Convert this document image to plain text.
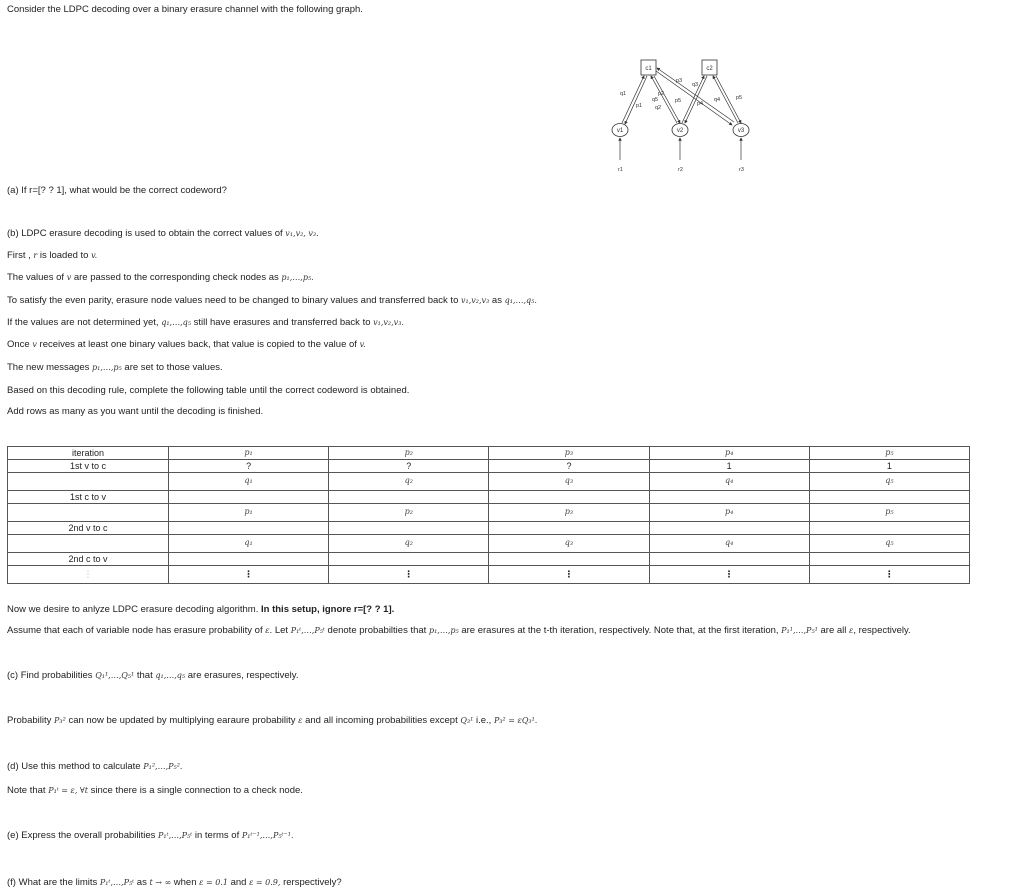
Consider the LDPC decoding over a binary erasure channel with the following graph.
c1	c2
v1	v2	v3
q1
p1 q2
p2
p3
q3
p5	p4
q4	p5
q5
r1	r2	r3
(a) If r=[? ? 1], what would be the correct codeword?
(b) LDPC erasure decoding is used to obtain the correct values of v₁,v₂, v₃.
First , r is loaded to v.
The values of v are passed to the corresponding check nodes as p₁,…,p₅.
To satisfy the even parity, erasure node values need to be changed to binary values and transferred back to v₁,v₂,v₃ as q₁,…,q₅.
If the values are not determined yet, q₁,…,q₅ still have erasures and transferred back to v₁,v₂,v₃.
Once v receives at least one binary values back, that value is copied to the value of v.
The new messages p₁,…,p₅ are set to those values.
Based on this decoding rule, complete the following table until the correct codeword is obtained.
Add rows as many as you want until the decoding is finished.
iteration	p₁	p₂	p₃	p₄	p₅
1st v to c	?	?	?	1	1
	q₁	q₂	q₃	q₄	q₅
1st c to v					
	p₁	p₂	p₃	p₄	p₅
2nd v to c					
	q₁	q₂	q₃	q₄	q₅
2nd c to v					
⋮	⋮	⋮	⋮	⋮	⋮
Now we desire to anlyze LDPC erasure decoding algorithm. In this setup, ignore r=[? ? 1].
Assume that each of variable node has erasure probability of ε. Let P₁ᵗ,…,P₅ᵗ denote probabilties that p₁,…,p₅ are erasures at the t-th iteration, respectively. Note that, at the first iteration, P₁¹,…,P₅¹ are all ε, respectively.
(c) Find probabilities Q₁¹,…,Q₅¹ that q₁,…,q₅ are erasures, respectively.
Probability P₃² can now be updated by multiplying earaure probability ε and all incoming probabilities except Q₃¹ i.e., P₃² = εQ₃¹.
(d) Use this method to calculate P₁²,…,P₅².
Note that P₁ᵗ = ε, ∀t since there is a single connection to a check node.
(e) Express the overall probabilities P₁ᵗ,…,P₅ᵗ in terms of P₁ᵗ⁻¹,…,P₅ᵗ⁻¹.
(f) What are the limits P₁ᵗ,…,P₅ᵗ as t → ∞ when ε = 0.1 and ε = 0.9, rerspectively?
